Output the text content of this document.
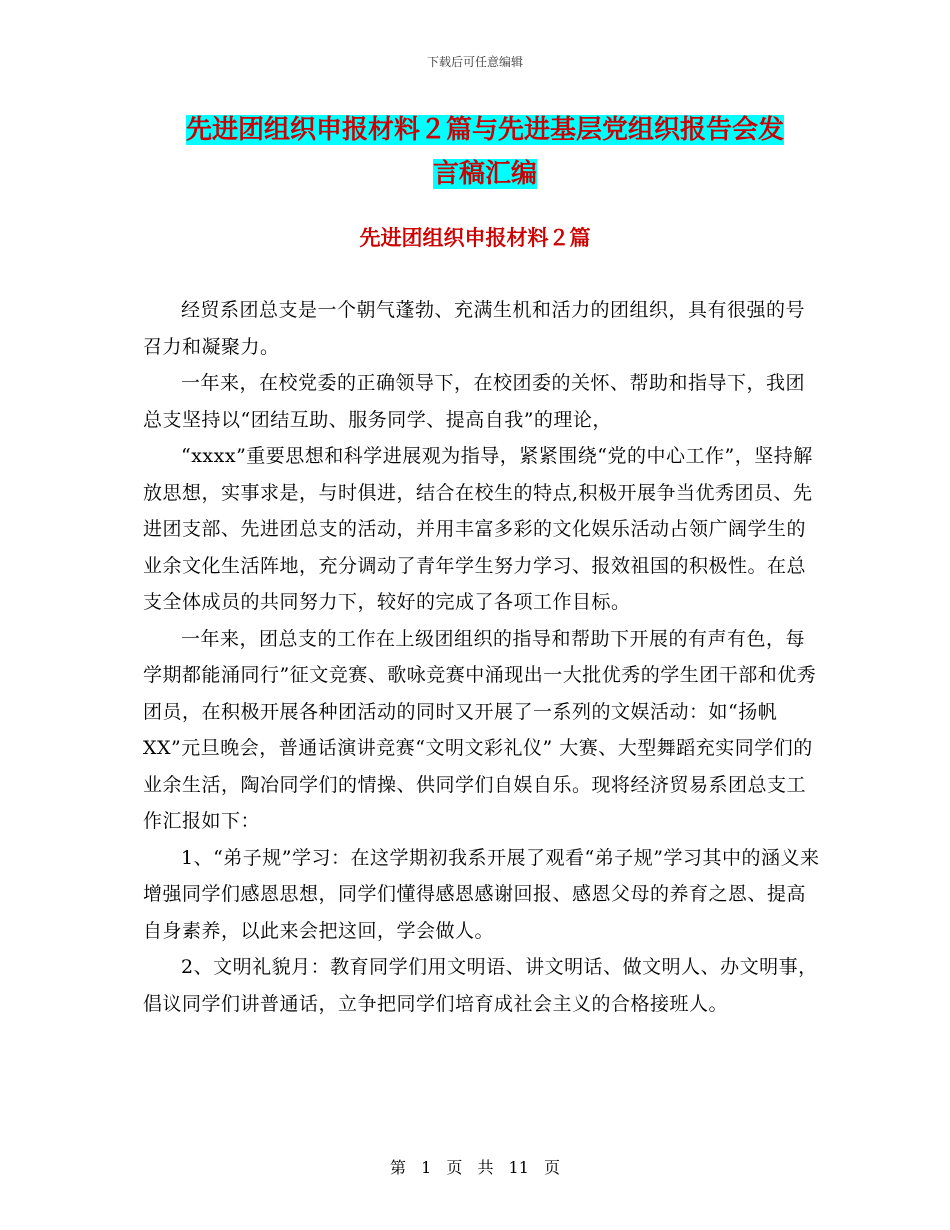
下载后可任意编辑
先进团组织申报材料２篇与先进基层党组织报告会发
言稿汇编
先进团组织申报材料２篇

经贸系团总支是一个朝气蓬勃、充满生机和活力的团组织，具有很强的号召力和凝聚力。

一年来，在校党委的正确领导下，在校团委的关怀、帮助和指导下，我团总支坚持以“团结互助、服务同学、提高自我”的理论，

“xxxx”重要思想和科学进展观为指导，紧紧围绕“党的中心工作”，坚持解放思想，实事求是，与时俱进，结合在校生的特点,积极开展争当优秀团员、先进团支部、先进团总支的活动，并用丰富多彩的文化娱乐活动占领广阔学生的业余文化生活阵地，充分调动了青年学生努力学习、报效祖国的积极性。在总支全体成员的共同努力下，较好的完成了各项工作目标。

一年来，团总支的工作在上级团组织的指导和帮助下开展的有声有色，每学期都能涌同行”征文竞赛、歌咏竞赛中涌现出一大批优秀的学生团干部和优秀团员，在积极开展各种团活动的同时又开展了一系列的文娱活动：如“扬帆XX”元旦晚会，普通话演讲竞赛“文明文彩礼仪” 大赛、大型舞蹈充实同学们的业余生活，陶冶同学们的情操、供同学们自娱自乐。现将经济贸易系团总支工作汇报如下：

1、“弟子规”学习：在这学期初我系开展了观看“弟子规”学习其中的涵义来增强同学们感恩思想，同学们懂得感恩感谢回报、感恩父母的养育之恩、提高自身素养，以此来会把这回，学会做人。

2、文明礼貌月：教育同学们用文明语、讲文明话、做文明人、办文明事，倡议同学们讲普通话，立争把同学们培育成社会主义的合格接班人。

第 1 页 共 11 页
